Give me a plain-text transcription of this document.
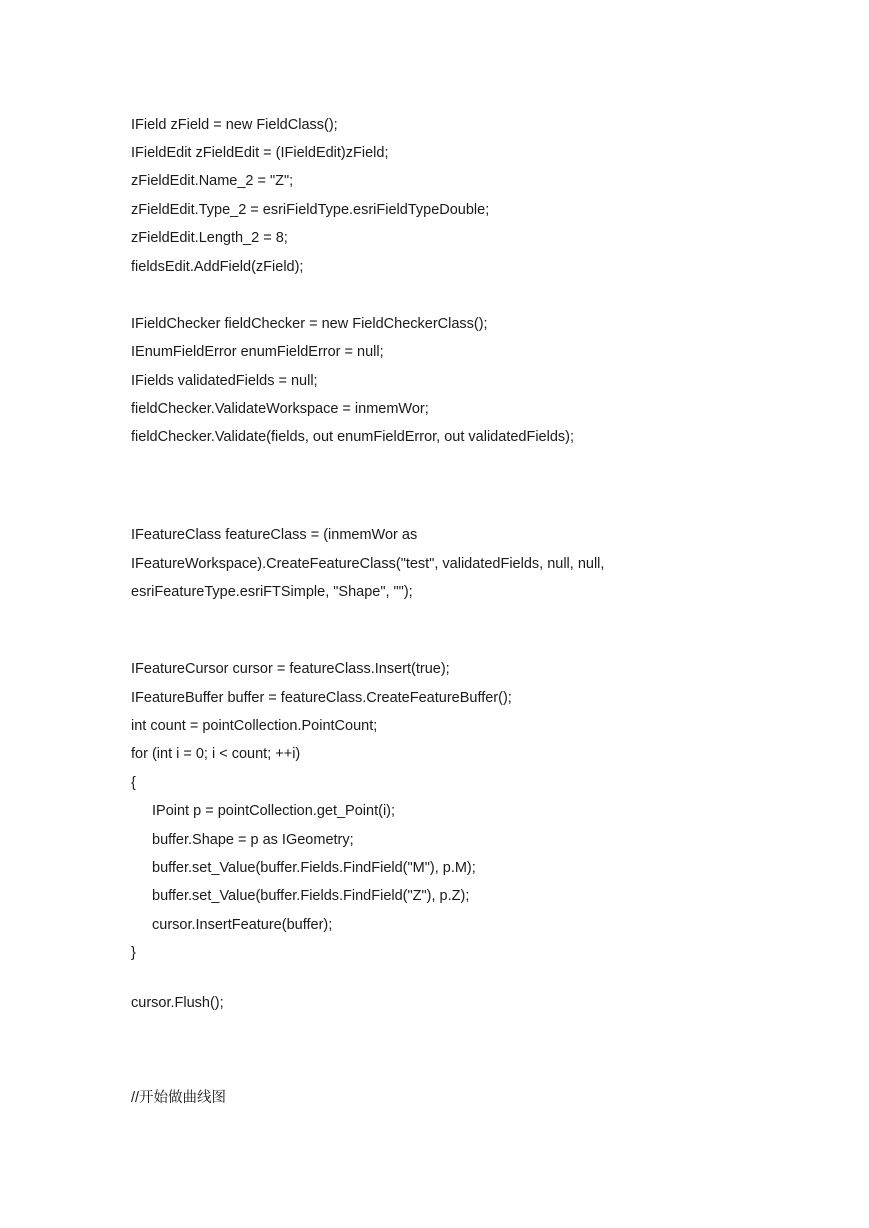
IField zField = new FieldClass();
IFieldEdit zFieldEdit = (IFieldEdit)zField;
zFieldEdit.Name_2 = "Z";
zFieldEdit.Type_2 = esriFieldType.esriFieldTypeDouble;
zFieldEdit.Length_2 = 8;
fieldsEdit.AddField(zField);
IFieldChecker fieldChecker = new FieldCheckerClass();
IEnumFieldError enumFieldError = null;
IFields validatedFields = null;
fieldChecker.ValidateWorkspace = inmemWor;
fieldChecker.Validate(fields, out enumFieldError, out validatedFields);
IFeatureClass featureClass = (inmemWor as
IFeatureWorkspace).CreateFeatureClass("test", validatedFields, null, null,
esriFeatureType.esriFTSimple, "Shape", "");
IFeatureCursor cursor = featureClass.Insert(true);
IFeatureBuffer buffer = featureClass.CreateFeatureBuffer();
int count = pointCollection.PointCount;
for (int i = 0; i < count; ++i)
{
IPoint p = pointCollection.get_Point(i);
buffer.Shape = p as IGeometry;
buffer.set_Value(buffer.Fields.FindField("M"), p.M);
buffer.set_Value(buffer.Fields.FindField("Z"), p.Z);
cursor.InsertFeature(buffer);
}
cursor.Flush();
//开始做曲线图
